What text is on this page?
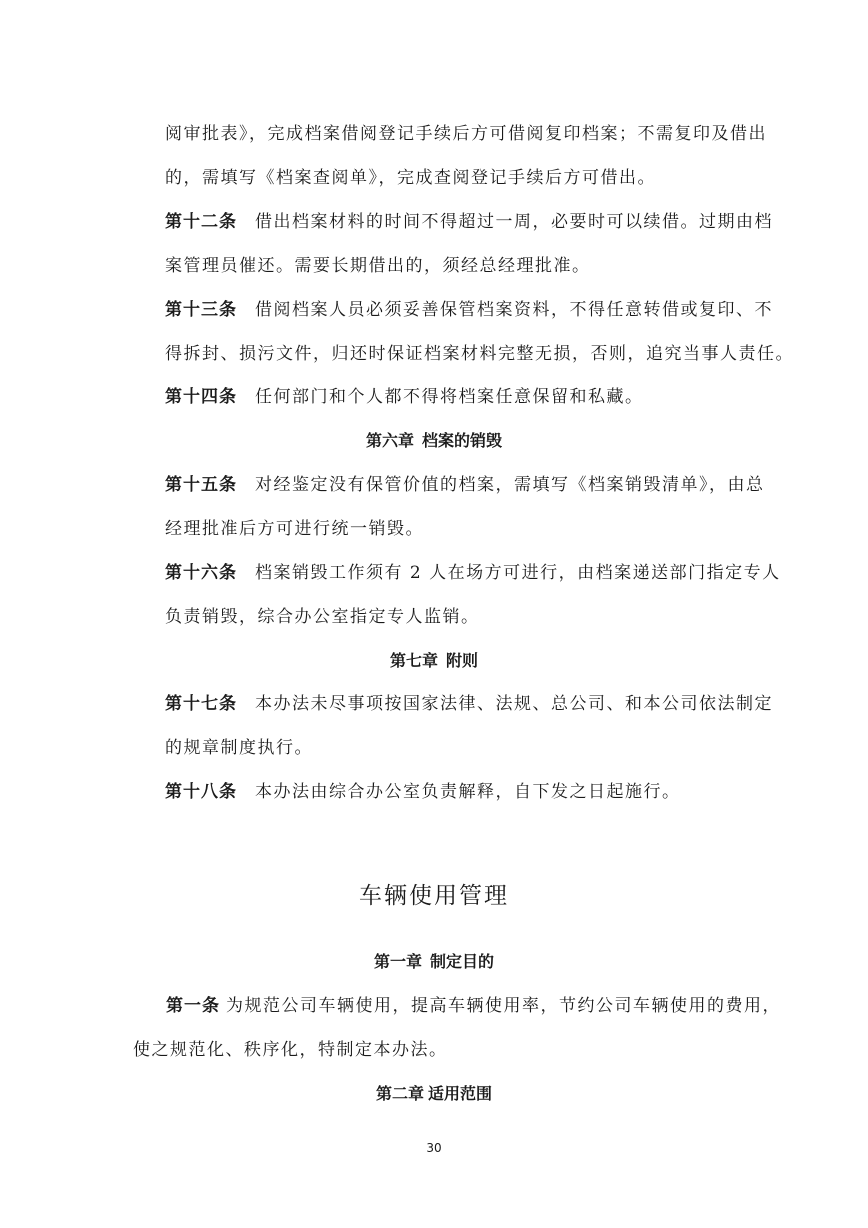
阅审批表》，完成档案借阅登记手续后方可借阅复印档案；不需复印及借出
的，需填写《档案查阅单》，完成查阅登记手续后方可借出。
第十二条 借出档案材料的时间不得超过一周，必要时可以续借。过期由档
案管理员催还。需要长期借出的，须经总经理批准。
第十三条 借阅档案人员必须妥善保管档案资料，不得任意转借或复印、不
得拆封、损污文件，归还时保证档案材料完整无损，否则，追究当事人责任。
第十四条 任何部门和个人都不得将档案任意保留和私藏。
第六章 档案的销毁
第十五条 对经鉴定没有保管价值的档案，需填写《档案销毁清单》，由总
经理批准后方可进行统一销毁。
第十六条 档案销毁工作须有 2 人在场方可进行，由档案递送部门指定专人
负责销毁，综合办公室指定专人监销。
第七章 附则
第十七条 本办法未尽事项按国家法律、法规、总公司、和本公司依法制定
的规章制度执行。
第十八条 本办法由综合办公室负责解释，自下发之日起施行。
车辆使用管理
第一章 制定目的
第一条 为规范公司车辆使用，提高车辆使用率，节约公司车辆使用的费用，
使之规范化、秩序化，特制定本办法。
第二章 适用范围
30
